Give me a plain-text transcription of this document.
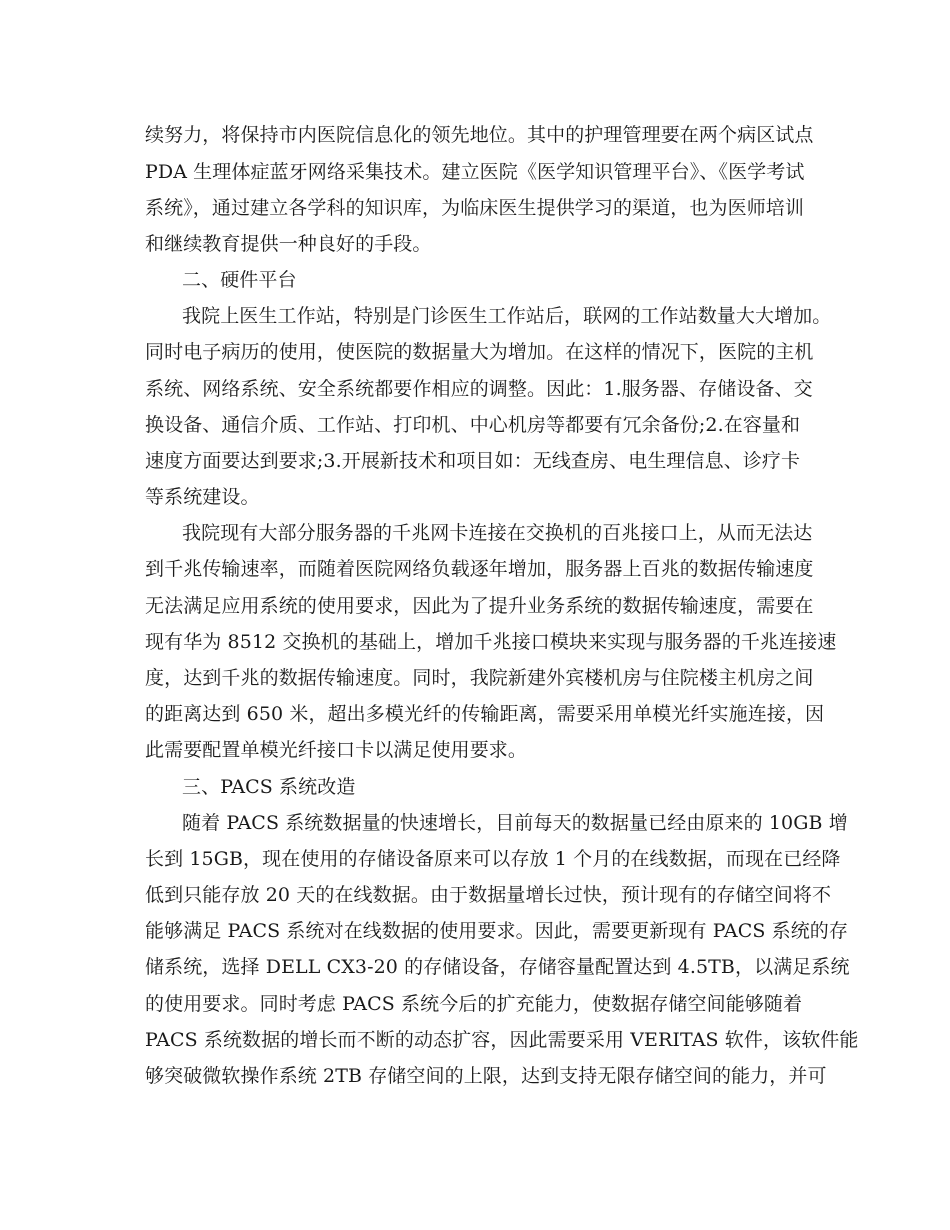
续努力，将保持市内医院信息化的领先地位。其中的护理管理要在两个病区试点
PDA 生理体症蓝牙网络采集技术。建立医院《医学知识管理平台》、《医学考试
系统》，通过建立各学科的知识库，为临床医生提供学习的渠道，也为医师培训
和继续教育提供一种良好的手段。
二、硬件平台
我院上医生工作站，特别是门诊医生工作站后，联网的工作站数量大大增加。
同时电子病历的使用，使医院的数据量大为增加。在这样的情况下，医院的主机
系统、网络系统、安全系统都要作相应的调整。因此：1.服务器、存储设备、交
换设备、通信介质、工作站、打印机、中心机房等都要有冗余备份;2.在容量和
速度方面要达到要求;3.开展新技术和项目如：无线查房、电生理信息、诊疗卡
等系统建设。
我院现有大部分服务器的千兆网卡连接在交换机的百兆接口上，从而无法达
到千兆传输速率，而随着医院网络负载逐年增加，服务器上百兆的数据传输速度
无法满足应用系统的使用要求，因此为了提升业务系统的数据传输速度，需要在
现有华为 8512 交换机的基础上，增加千兆接口模块来实现与服务器的千兆连接速
度，达到千兆的数据传输速度。同时，我院新建外宾楼机房与住院楼主机房之间
的距离达到 650 米，超出多模光纤的传输距离，需要采用单模光纤实施连接，因
此需要配置单模光纤接口卡以满足使用要求。
三、PACS 系统改造
随着 PACS 系统数据量的快速增长，目前每天的数据量已经由原来的 10GB 增
长到 15GB，现在使用的存储设备原来可以存放 1 个月的在线数据，而现在已经降
低到只能存放 20 天的在线数据。由于数据量增长过快，预计现有的存储空间将不
能够满足 PACS 系统对在线数据的使用要求。因此，需要更新现有 PACS 系统的存
储系统，选择 DELL CX3-20 的存储设备，存储容量配置达到 4.5TB，以满足系统
的使用要求。同时考虑 PACS 系统今后的扩充能力，使数据存储空间能够随着
PACS 系统数据的增长而不断的动态扩容，因此需要采用 VERITAS 软件，该软件能
够突破微软操作系统 2TB 存储空间的上限，达到支持无限存储空间的能力，并可
